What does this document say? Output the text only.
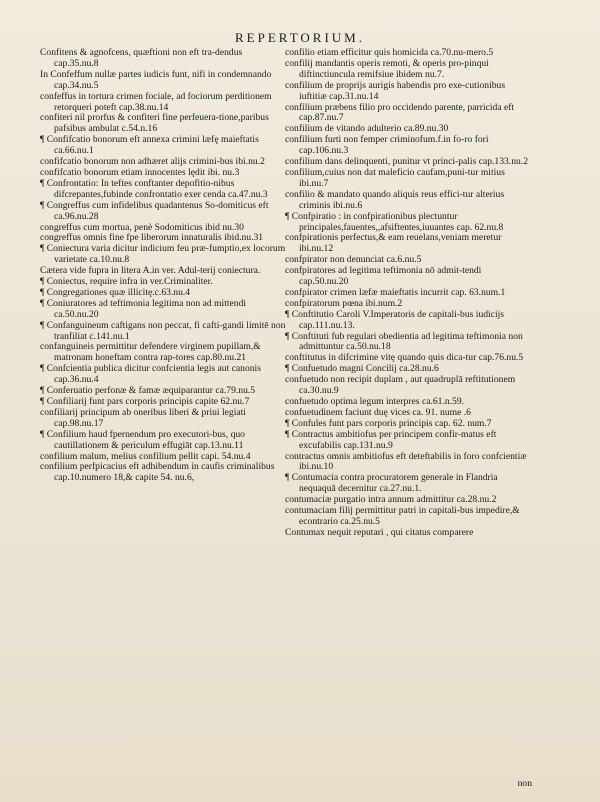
REPERTORIUM.

Confitens & agnofcens, quæftioni non eft tra-dendus cap.35.nu.8

In Confeffum nullæ partes iudicis funt, nifi in condemnando cap.34.nu.5

confeffus in tortura crimen fociale, ad fociorum perditionem retorqueri poteft cap.38.nu.14

confiteri nil prorfus & confiteri fine perfeuera-tione,paribus pafsibus ambulat c.54.n.16

¶ Confifcatio bonorum eft annexa crimini læfę maieftatis ca.66.nu.1

confifcatio bonorum non adhæret alijs crimini-bus ibi.nu.2

confifcatio bonorum etiam innocentes lędit ibi. nu.3

¶ Confrontatio: In teftes conftanter depofitio-nibus difcrepantes,fubinde confrontatio exer cenda ca.47.nu.3

¶ Congreffus cum infidelibus quadantenus So-domiticus eft ca.96.nu.28

congreffus cum mortua, penè Sodomiticus ibid nu.30

congreffus omnis fine fpe liberorum innaturalis ibid.nu.31

¶ Coniectura varia dicitur indicium feu præ-fumptio,ex locorum varietate ca.10.nu.8

Cætera vide fupra in litera A.in ver. Adul-terij coniectura.

¶ Coniectus, require infra in ver.Criminaliter.

¶ Congregationes quæ illicitę.c.63.nu.4

¶ Coniuratores ad teftimonia legitima non ad mittendi ca.50.nu.20

¶ Confanguineum caftigans non peccat, fi cafti-gandi limitē non tranfiliat c.141.nu.1

confanguineis permittitur defendere virginem pupillam,& matronam honeftam contra rap-tores cap.80.nu.21

¶ Confcientia publica dicitur confcientia legis aut canonis cap.36.nu.4

¶ Conferuatio perfonæ & famæ æquiparantur ca.79.nu.5

¶ Confiliarij funt pars corporis principis capite 62.nu.7

confiliarij principum ab oneribus liberi & priui legiati cap.98.nu.17

¶ Confilium haud fpernendum pro executori-bus, quo cautillationem & periculum effugiāt cap.13.nu.11

confilium malum, melius confilium pellit capi. 54.nu.4

confilium perfpicacius eft adhibendum in caufis criminalibus cap.10.numero 18,& capite 54. nu.6,

confilio etiam efficitur quis homicida ca.70.nu-mero.5

confilij mandantis operis remoti, & operis pro-pinqui diftinctiuncula remifsiue ibidem nu.7.

confilium de proprijs aurigis habendis pro exe-cutionibus iuftitiæ cap.31.nu.14

confilium præbens filio pro occidendo parente, parricida eft cap.87.nu.7

confilium de vitando adulterio ca.89.nu.30

confilium furti non femper criminofum.f.in fo-ro fori cap.106.nu.3

confilium dans delinquenti, punitur vt princi-palis cap.133.nu.2

confilium,cuius non dat maleficio caufam,puni-tur mitius ibi.nu.7

confilio & mandato quando aliquis reus effici-tur alterius criminis ibi.nu.6

¶ Confpiratio : in confpirationibus plectuntur principales,fauentes,,afsiftentes,iuuantes cap. 62.nu.8

confpirationis perfectus,& eam reuelans,veniam meretur ibi.nu.12

confpirator non denunciat ca.6.nu.5

confpiratores ad legitima teftimonia nō admit-tendi cap.50.nu.20

confpirator crimen læfæ maieftatis incurrit cap. 63.num.1

confpiratorum pœna ibi.num.2

¶ Conftitutio Caroli V.Imperatoris de capitali-bus iudicijs cap.111.nu.13.

¶ Conftituti fub regulari obedientia ad legitima teftimonia non admittuntur ca.50.nu.18

conftitutus in difcrimine vitę quando quis dica-tur cap.76.nu.5

¶ Confuetudo magni Concilij ca.28.nu.6

confuetudo non recipit duplam , aut quadruplā reftitutionem ca.30.nu.9

confuetudo optima legum interpres ca.61.n.59.

confuetudinem faciunt duę vices ca. 91. nume .6

¶ Confules funt pars corporis principis cap. 62. num.7

¶ Contractus ambitiofus per principem confir-matus eft excufabilis cap.131.nu.9

contractus omnis ambitiofus eft deteftabilis in foro confcientiæ ibi.nu.10

¶ Contumacia contra procuratorem generale in Flandria nequaquā decernitur ca.27.nu.1.

contumaciæ purgatio intra annum admittitur ca.28.nu.2

contumaciam filij permittitur patri in capitali-bus impedire,& econtrario ca.25.nu.5

Contumax nequit reputari , qui citatus comparere

non
